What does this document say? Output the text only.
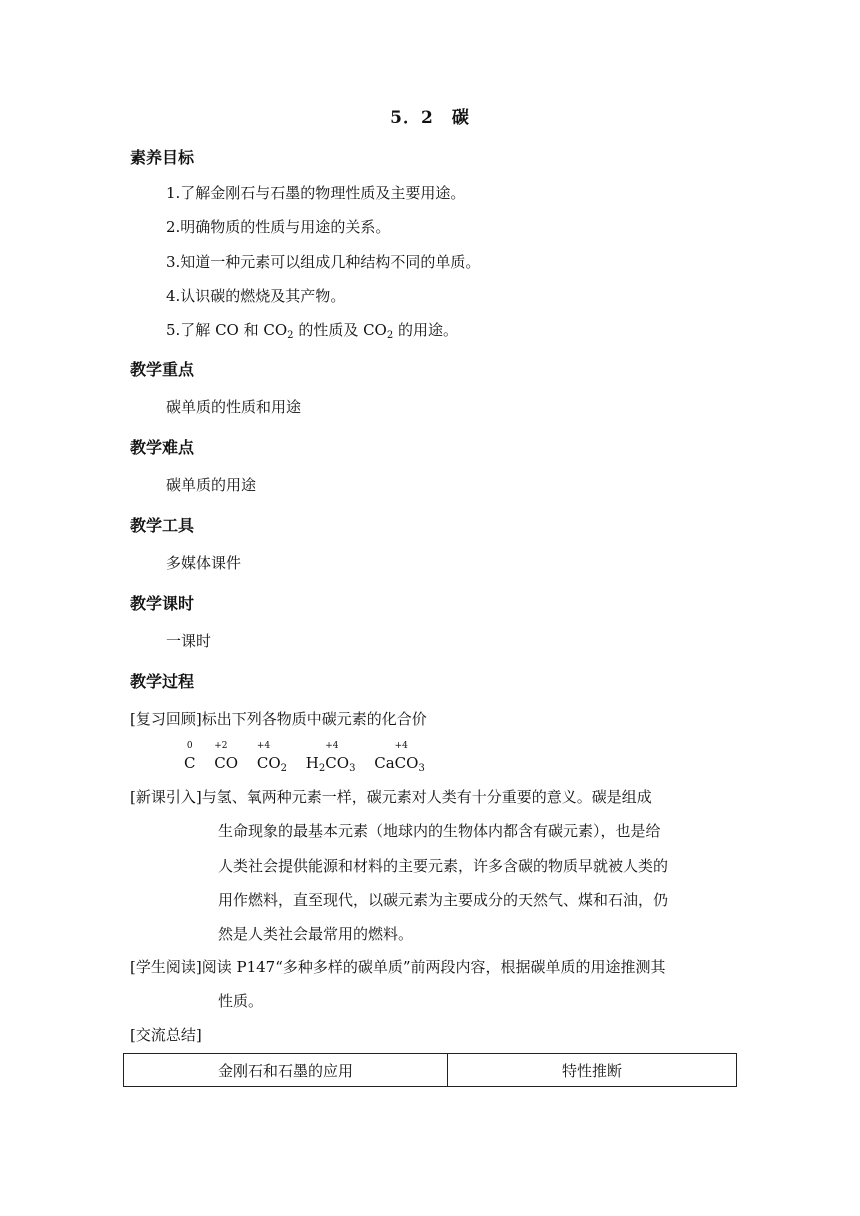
5．2　碳
素养目标
1.了解金刚石与石墨的物理性质及主要用途。
2.明确物质的性质与用途的关系。
3.知道一种元素可以组成几种结构不同的单质。
4.认识碳的燃烧及其产物。
5.了解 CO 和 $CO_2$ 的性质及 $CO_2$ 的用途。
教学重点
碳单质的性质和用途
教学难点
碳单质的用途
教学工具
多媒体课件
教学课时
一课时
教学过程
[复习回顾]标出下列各物质中碳元素的化合价
0
C
+2
CO
+4
$CO_2$ $H_2$
+4
$CO_3$ Ca
+4
$CO_3$
[新课引入]与氢、氧两种元素一样，碳元素对人类有十分重要的意义。碳是组成
生命现象的最基本元素（地球内的生物体内都含有碳元素），也是给
人类社会提供能源和材料的主要元素，许多含碳的物质早就被人类的
用作燃料，直至现代，以碳元素为主要成分的天然气、煤和石油，仍
然是人类社会最常用的燃料。
[学生阅读]阅读 P147“多种多样的碳单质”前两段内容，根据碳单质的用途推测其
性质。
[交流总结]
金刚石和石墨的应用	特性推断
